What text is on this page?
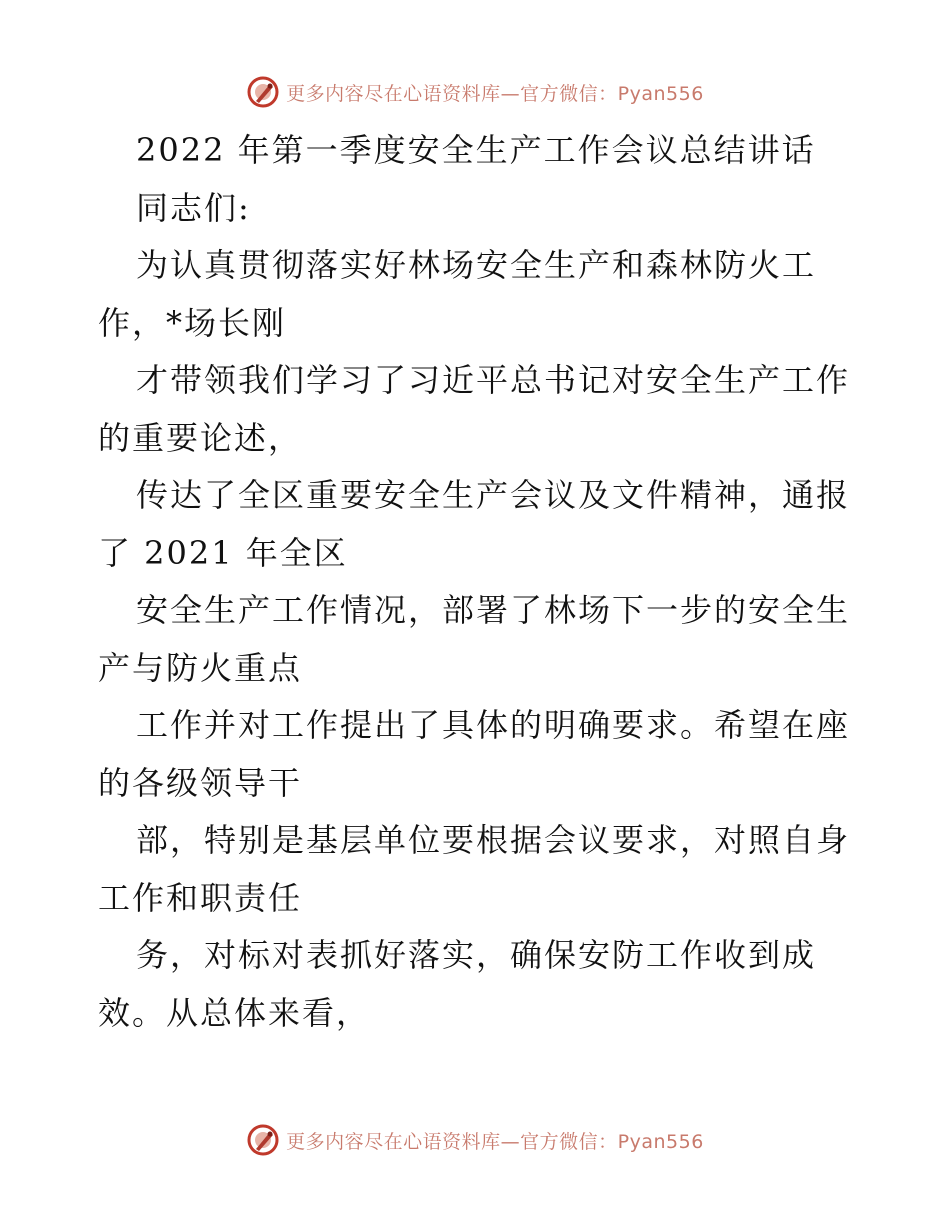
更多内容尽在心语资料库—官方微信：Pyan556

2022 年第一季度安全生产工作会议总结讲话

同志们:

为认真贯彻落实好林场安全生产和森林防火工

作，*场长刚

才带领我们学习了习近平总书记对安全生产工作

的重要论述，

传达了全区重要安全生产会议及文件精神，通报

了 2021 年全区

安全生产工作情况，部署了林场下一步的安全生

产与防火重点

工作并对工作提出了具体的明确要求。希望在座

的各级领导干

部，特别是基层单位要根据会议要求，对照自身

工作和职责任

务，对标对表抓好落实，确保安防工作收到成

效。从总体来看，

更多内容尽在心语资料库—官方微信：Pyan556
